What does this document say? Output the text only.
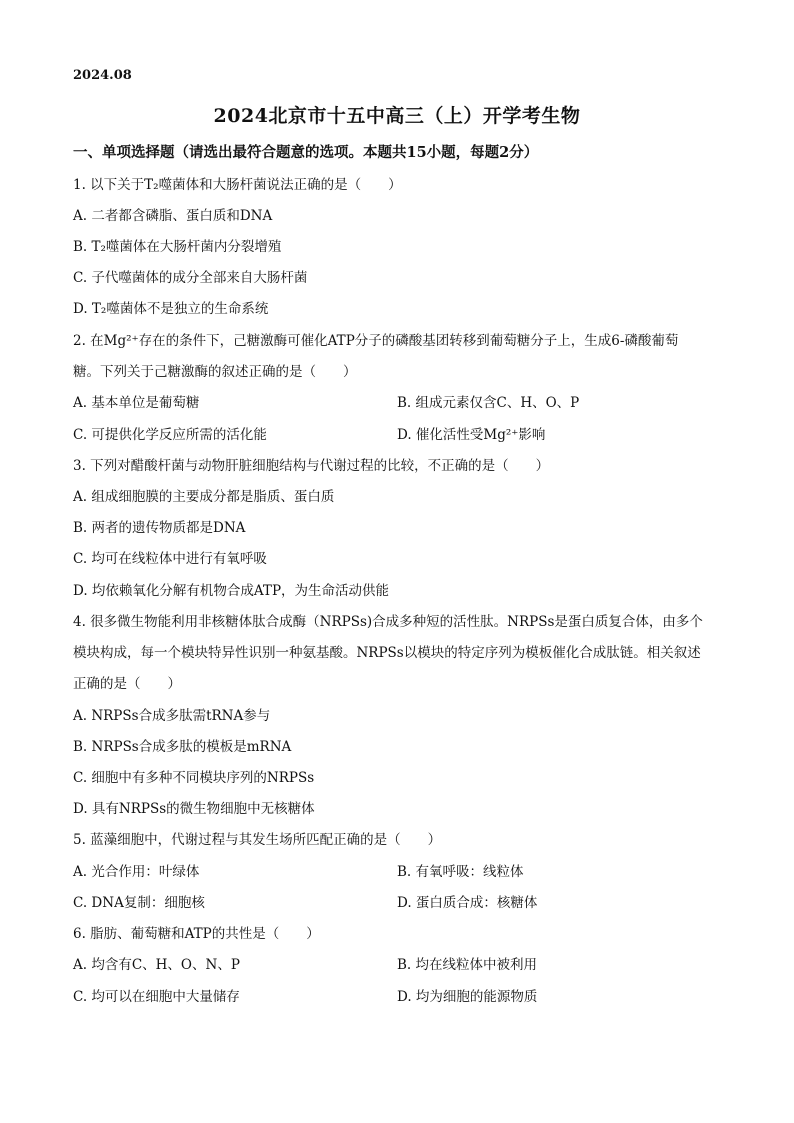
2024.08
2024北京市十五中高三（上）开学考生物
一、单项选择题（请选出最符合题意的选项。本题共15小题，每题2分）
1. 以下关于T₂噬菌体和大肠杆菌说法正确的是（　　）
A. 二者都含磷脂、蛋白质和DNA
B. T₂噬菌体在大肠杆菌内分裂增殖
C. 子代噬菌体的成分全部来自大肠杆菌
D. T₂噬菌体不是独立的生命系统
2. 在Mg²⁺存在的条件下，己糖激酶可催化ATP分子的磷酸基团转移到葡萄糖分子上，生成6-磷酸葡萄
糖。下列关于己糖激酶的叙述正确的是（　　）
A. 基本单位是葡萄糖	B. 组成元素仅含C、H、O、P
C. 可提供化学反应所需的活化能	D. 催化活性受Mg²⁺影响
3. 下列对醋酸杆菌与动物肝脏细胞结构与代谢过程的比较，不正确的是（　　）
A. 组成细胞膜的主要成分都是脂质、蛋白质
B. 两者的遗传物质都是DNA
C. 均可在线粒体中进行有氧呼吸
D. 均依赖氧化分解有机物合成ATP，为生命活动供能
4. 很多微生物能利用非核糖体肽合成酶（NRPSs)合成多种短的活性肽。NRPSs是蛋白质复合体，由多个
模块构成，每一个模块特异性识别一种氨基酸。NRPSs以模块的特定序列为模板催化合成肽链。相关叙述
正确的是（　　）
A. NRPSs合成多肽需tRNA参与
B. NRPSs合成多肽的模板是mRNA
C. 细胞中有多种不同模块序列的NRPSs
D. 具有NRPSs的微生物细胞中无核糖体
5. 蓝藻细胞中，代谢过程与其发生场所匹配正确的是（　　）
A. 光合作用：叶绿体	B. 有氧呼吸：线粒体
C. DNA复制：细胞核	D. 蛋白质合成：核糖体
6. 脂肪、葡萄糖和ATP的共性是（　　）
A. 均含有C、H、O、N、P	B. 均在线粒体中被利用
C. 均可以在细胞中大量储存	D. 均为细胞的能源物质
